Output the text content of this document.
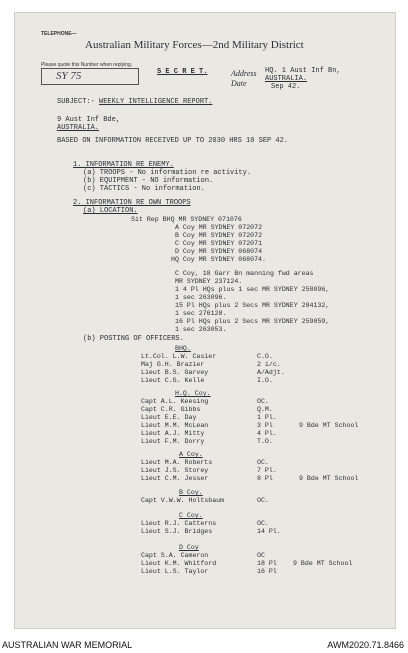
TELEPHONE—
Australian Military Forces—2nd Military District
Please quote this Number when replying.
SY 75	S E C R E T.	Address
Date
HQ. 1 Aust Inf Bn,
AUSTRALIA.
Sep 42.
SUBJECT:- WEEKLY INTELLIGENCE REPORT.
9 Aust Inf Bde,
AUSTRALIA.
BASED ON INFORMATION RECEIVED UP TO 2030 HRS 10 SEP 42.
1. INFORMATION RE ENEMY.
(a) TROOPS - No information re activity.
(b) EQUIPMENT - NO information.
(c) TACTICS - No information.
2. INFORMATION RE OWN TROOPS
(a) LOCATION.
Sit Rep BHQ MR SYDNEY 071076
A Coy MR SYDNEY 072072
B Coy MR SYDNEY 072072
C Coy MR SYDNEY 072071
D Coy MR SYDNEY 068074
HQ Coy MR SYDNEY 068074.
C Coy, 18 Garr Bn manning fwd areas
MR SYDNEY 237124.
1 4 Pl HQs plus 1 sec MR SYDNEY 258096,
1 sec 263096.
15 Pl HQs plus 2 Secs MR SYDNEY 284132,
1 sec 276128.
16 Pl HQs plus 2 Secs MR SYDNEY 259059,
1 sec 263053.
(b) POSTING OF OFFICERS.
BHQ.
Lt.Col. L.W. Casier	C.O.
Maj G.H. Brazier	2 i/c.
Lieut B.S. Garvey	A/Adjt.
Lieut C.G. Kelle	I.O.
H.Q. Coy.
Capt A.L. Keesing	OC.
Capt C.R. Gibbs	Q.M.
Lieut E.E. Day	1 Pl.
Lieut M.M. McLean	3 Pl	9 Bde MT School
Lieut A.J. Mitty	4 Pl.
Lieut F.M. Dorry	T.O.
A Coy.
Lieut M.A. Roberts	OC.
Lieut J.S. Storey	7 Pl.
Lieut C.M. Jesser	8 Pl	9 Bde MT School
B Coy.
Capt V.W.W. Holtsbaum	OC.
C Coy.
Lieut R.J. Catterns	OC.
Lieut S.J. Bridges	14 Pl.
D Coy
Capt S.A. Cameron	OC
Lieut K.M. Whitford	18 Pl 9 Bde MT School
Lieut L.S. Taylor	16 Pl
AUSTRALIAN WAR MEMORIAL	AWM2020.71.8466
